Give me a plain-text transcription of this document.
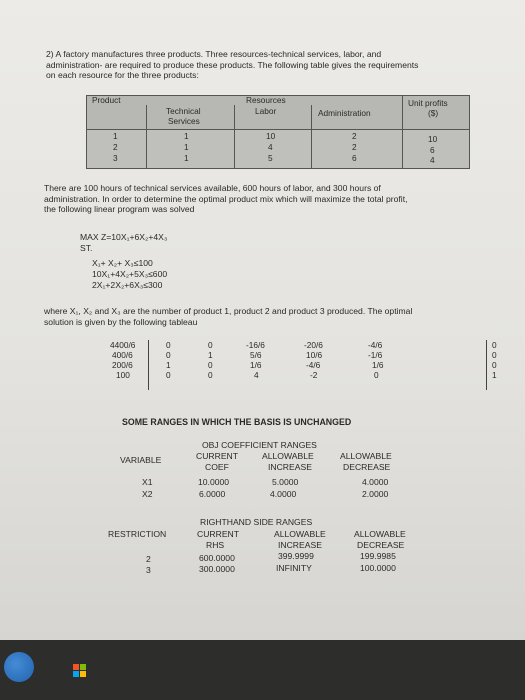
2) A factory manufactures three products. Three resources-technical services, labor, and
administration- are required to produce these products. The following table gives the requirements
on each resource for the three products:
Product	Resources
Technical
Services
Labor	Administration
Unit profits
($)
1	1	10	2	10
2	1	4	2	6
3	1	5	6	4
There are 100 hours of technical services available, 600 hours of labor, and 300 hours of
administration. In order to determine the optimal product mix which will maximize the total profit,
the following linear program was solved
MAX Z=10X₁+6X₂+4X₃
ST.
X₁+ X₂+ X₃≤100
10X₁+4X₂+5X₃≤600
2X₁+2X₂+6X₃≤300
where X₁, X₂ and X₃ are the number of product 1, product 2 and product 3 produced. The optimal
solution is given by the following tableau
4400/6	0	0	-16/6	-20/6	-4/6	0
400/6	0	1	5/6	10/6	-1/6	0
200/6	1	0	1/6	-4/6	1/6	0
100	0	0	4	-2	0	1
SOME RANGES IN WHICH THE BASIS IS UNCHANGED
OBJ COEFFICIENT RANGES
VARIABLE	CURRENT
COEF
ALLOWABLE
INCREASE
ALLOWABLE
DECREASE
X1	10.0000	5.0000	4.0000
X2	6.0000	4.0000	2.0000
RIGHTHAND SIDE RANGES
RESTRICTION	CURRENT
RHS
ALLOWABLE
INCREASE
ALLOWABLE
DECREASE
2	600.0000	399.9999	199.9985
3	300.0000	INFINITY	100.0000
